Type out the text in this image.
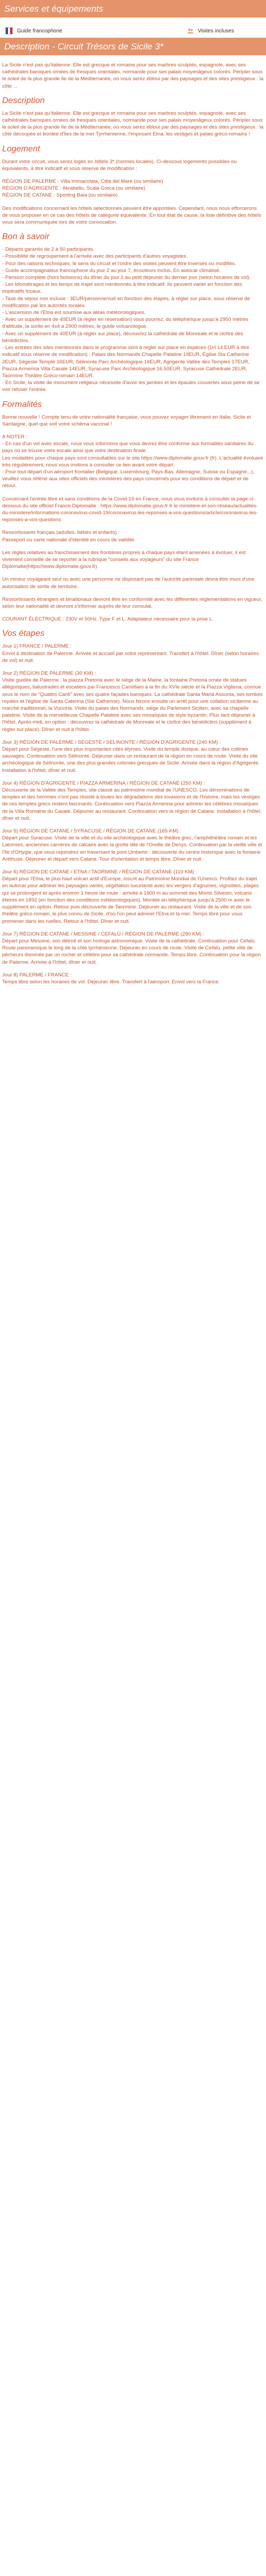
Services et équipements
Guide francophone	Visites incluses
Description - Circuit Trésors de Sicile 3*

La Sicile n'est pas qu'italienne. Elle est grecque et romaine pour ses marbres sculptés, espagnole, avec ses cathédrales baroques ornées de fresques orientales, normande pour ses palais moyenâgeux colorés. Péripler sous le soleil de la plus grande île de la Méditerranée, où vous serez ébloui par des paysages et des sites prestigieux : la côte ...

Description

La Sicile n'est pas qu'italienne. Elle est grecque et romaine pour ses marbres sculptés, espagnole, avec ses cathédrales baroques ornées de fresques orientales, normande pour ses palais moyenâgeux colorés. Péripler sous le soleil de la plus grande île de la Méditerranée, où vous serez ébloui par des paysages et des sites prestigieux : la côte découpée et bordée d'îles de la mer Tyrrhénienne, l'imposant Etna, les vestiges et palais gréco-romains !

Logement

Durant votre circuit, vous serez logés en hôtels 3* (normes locales). Ci-dessous logements possibles ou équivalents, à titre indicatif et sous réserve de modification :

RÉGION DE PALERME : Villa Immacolata, Città del Mare (ou similaire)
RÉGION D'AGRIGENTE : Akrabello, Scala Greca (ou similaire)
RÉGION DE CATANE : Sporting Baia (ou similaire)

Des modifications concernant les hôtels sélectionnés peuvent être apportées. Cependant, nous nous efforcerons de vous proposer en ce cas des hôtels de catégorie équivalente. En tout état de cause, la liste définitive des hôtels vous sera communiquée lors de votre convocation.

Bon à savoir

- Départs garantis de 2 à 50 participants.
- Possibilité de regroupement à l'arrivée avec des participants d'autres voyagistes.
- Pour des raisons techniques, le sens du circuit et l'ordre des visites peuvent être inversés ou modifiés.
- Guide accompagnateur francophone du jour 2 au jour 7, écouteurs inclus. En autocar climatisé.
- Pension complète (hors boissons) du dîner du jour 1 au petit déjeuner du dernier jour (selon horaires de vol).
- Les kilométrages et les temps de trajet sont mentionnés à titre indicatif. Ils peuvent varier en fonction des impératifs locaux.
- Taxe de séjour non incluse : 3EUR/personne/nuit en fonction des étapes, à régler sur place, sous réserve de modification par les autorités locales.
- L'ascension de l'Etna est soumise aux aléas météorologiques.
- Avec un supplément de 40EUR (à régler en réservation) vous pourrez, du téléphérique jusqu'à 2950 mètres d'altitude, la sortie en 4x4 à 2900 mètres, le guide volcanologue.
- Avec un supplément de 40EUR (à régler sur place), découvrez la cathédrale de Monreale et le cloître des bénédictins.
- Les entrées des sites mentionnés dans le programme sont à régler sur place en espèces (1H 14 EUR à titre indicatif sous réserve de modification) : Palais des Normands Chapelle Palatine 19EUR, Église Sta Catherine 2EUR, Ségeste Temple 16EUR, Sélinonte Parc Archéologique 16EUR, Agrigente Vallée des Temples 17EUR, Piazza Armerina Villa Casale 14EUR, Syracuse Parc Archéologique 16.50EUR, Syracuse Cathédrale 2EUR, Taormine Théâtre Gréco-romain 14EUR.
- En Sicile, la visite de monument religieux nécessite d'avoir les jambes et les épaules couvertes sous peine de se voir refuser l'entrée.

Formalités

Bonne nouvelle ! Compte tenu de votre nationalité française, vous pouvez voyager librement en Italie, Sicile et Sardaigne, quel que soit votre schéma vaccinal !

A NOTER :
- En cas d'un vol avec escale, nous vous informons que vous devrez être conforme aux formalités sanitaires du pays où se trouve votre escale ainsi que votre destination finale.
Les modalités pour chaque pays sont consultables sur le site https://www.diplomatie.gouv.fr (fr). L'actualité évoluant très régulièrement, nous vous invitons à consulter ce lien avant votre départ.
- Pour tout départ d'un aéroport frontalier (Belgique, Luxembourg, Pays-Bas, Allemagne, Suisse ou Espagne...), veuillez vous référer aux sites officiels des ministères des pays concernés pour les conditions de départ et de retour.

Concernant l'entrée libre et sans conditions de la Covid-19 en France, nous vous invitons à consulter la page ci-dessous du site officiel France Diplomatie : https://www.diplomatie.gouv.fr fr le ministère-et-son-réseau/actualites-du-ministere/informations-coronavirus-covid-19/coronavirus-les-reponses-a-vos-questions/article/coronavirus-les-reponses-a-vos-questions

Ressortissants français (adultes, bébés et enfants) :
Passeport ou carte nationale d'identité en cours de validité.

Les règles relatives au franchissement des frontières propres à chaque pays étant amenées à évoluer, il est vivement conseillé de se reporter à la rubrique "conseils aux voyageurs" du site France Diplomatie(https///www.diplomatie.gouv.fr).

Un mineur voyageant seul ou avec une personne ne disposant pas de l'autorité parentale devra être muni d'une autorisation de sortie de territoire.

Ressortissants étrangers et binationaux devront être en conformité avec les différentes réglementations en vigueur, selon leur nationalité et devront s'informer auprès de leur consulat.

COURANT ÉLECTRIQUE : 230V et 50Hz. Type F et L. Adaptateur nécessaire pour la prise L.

Vos étapes

Jour 1) FRANCE / PALERME :
Envol à destination de Palerme. Arrivée et accueil par notre représentant. Transfert à l'hôtel. Dîner (selon horaires de vol) et nuit.

Jour 2) RÉGION DE PALERME (30 KM) :
Visite guidée de Palerme : la piazza Pretoria avec le siège de la Mairie, la fontaine Pretoria ornée de statues allégoriques, balustrades et escaliers par Francesco Camilliani à la fin du XVIe siècle et la Piazza Vigliena, connue sous le nom de "Quattro Canti" avec ses quatre façades baroques. La cathédrale Santa Maria Assunta, ses tombes royales et l'église de Santa Caterina (Ste Catherine). Nous ferons ensuite un arrêt pour une collation sicilienne au marché traditionnel, la Vucciria. Visite du palais des Normands, siège du Parlement Sicilien, avec sa chapelle palatine. Visite de la merveilleuse Chapelle Palatine avec ses mosaïques de style byzantin. Plus tard déjeuner à l'hôtel. Après-midi, en option : découvrez la cathédrale de Monreale et le cloître des bénédictins (supplément à régler sur place). Dîner et nuit à l'hôtel.

Jour 3) RÉGION DE PALERME / SEGESTE / SELINONTE / RÉGION D'AGRIGENTE (240 KM) :
Départ pour Ségeste, l'une des plus importantes cités élymes. Visite du temple dorique, au cœur des collines sauvages. Continuation vers Sélinonte. Déjeuner dans un restaurant de la région en cours de route. Visite du site archéologique de Sélinonte, une des plus grandes colonies grecques de Sicile. Arrivée dans la région d'Agrigente. Installation à l'hôtel, dîner et nuit.

Jour 4) RÉGION D'AGRIGENTE / PIAZZA ARMERINA / RÉGION DE CATANE (250 KM) :
Découverte de la Vallée des Temples, site classé au patrimoine mondial de l'UNESCO. Les dénominations de temples et des hommes n'ont pas résisté à toutes les dégradations des invasions et de l'histoire, mais les vestiges de ces temples grecs restent fascinants. Continuation vers Piazza Armerina pour admirer les célèbres mosaïques de la Villa Romaine du Casale. Déjeuner au restaurant. Continuation vers la région de Catane. Installation à l'hôtel, dîner et nuit.

Jour 5) RÉGION DE CATANE / SYRACUSE / RÉGION DE CATANE (165 KM) :
Départ pour Syracuse. Visite de la ville et du site archéologique avec le théâtre grec, l'amphithéâtre romain et les Latomies, anciennes carrières de calcaire avec la grotte dite de l'Oreille de Denys. Continuation par la vieille ville et l'île d'Ortygie, que vous rejoindrez en traversant le pont Umberto : découverte du centre historique avec la fontaine Aréthuse. Déjeuner et départ vers Catane. Tour d'orientation et temps libre. Dîner et nuit.

Jour 6) RÉGION DE CATANE / ETNA / TAORMINE / RÉGION DE CATANE (110 KM) :
Départ pour l'Etna, le plus haut volcan actif d'Europe, inscrit au Patrimoine Mondial de l'Unesco. Profitez du trajet en autocar pour admirer les paysages variés, végétation luxuriante avec les vergers d'agrumes, vignobles, plages qui se prolongent et après environ 1 heure de route : arrivée à 1900 m au sommet des Monts Silvestri, volcans éteints en 1892 (en fonction des conditions météorologiques). Montée en téléphérique jusqu'à 2500 m avec le supplément en option. Retour puis découverte de Taormine. Déjeuner au restaurant. Visite de la ville et de son théâtre gréco-romain, le plus connu de Sicile, d'où l'on peut admirer l'Etna et la mer. Temps libre pour vous promener dans les ruelles. Retour à l'hôtel. Dîner et nuit.

Jour 7) RÉGION DE CATANE / MESSINE / CEFALÙ / RÉGION DE PALERME (290 KM) :
Départ pour Messine, son détroit et son horloge astronomique. Visite de la cathédrale. Continuation pour Cefalù. Route panoramique le long de la côte tyrrhénienne. Déjeuner en cours de route. Visite de Cefalù, petite ville de pêcheurs dominée par un rocher et célèbre pour sa cathédrale normande. Temps libre. Continuation pour la région de Palerme. Arrivée à l'hôtel, dîner et nuit.

Jour 8) PALERME / FRANCE :
Temps libre selon les horaires de vol. Déjeuner libre. Transfert à l'aéroport. Envol vers la France.
